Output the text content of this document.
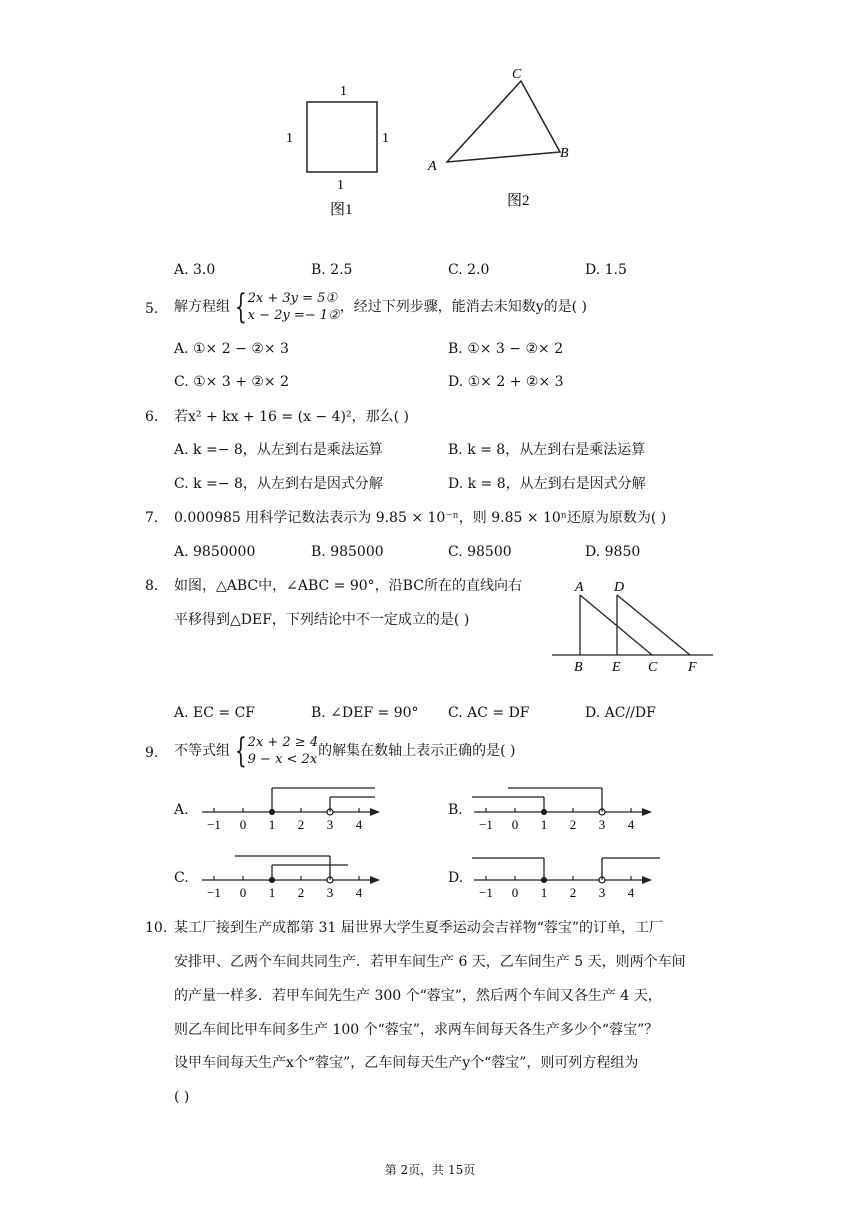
1
1	1
1
图1
A
B
C
图2
A. 3.0	B. 2.5	C. 2.0	D. 1.5
5. 解方程组 { 2x + 3y = 5①
x − 2y =− 1②
，经过下列步骤，能消去未知数y的是( )
A. ①× 2 − ②× 3	B. ①× 3 − ②× 2
C. ①× 3 + ②× 2	D. ①× 2 + ②× 3
6. 若x² + kx + 16 = (x − 4)²，那么( )
A. k =− 8，从左到右是乘法运算	B. k = 8，从左到右是乘法运算
C. k =− 8，从左到右是因式分解	D. k = 8，从左到右是因式分解
7. 0.000985 用科学记数法表示为 9.85 × 10⁻ⁿ，则 9.85 × 10ⁿ还原为原数为( )
A. 9850000	B. 985000	C. 98500	D. 9850
8. 如图，△ABC中，∠ABC = 90°，沿BC所在的直线向右
平移得到△DEF，下列结论中不一定成立的是( )
A D
B E C F
A. EC = CF	B. ∠DEF = 90° C. AC = DF	D. AC//DF
9. 不等式组 { 2x + 2 ≥ 4
9 − x < 2x
的解集在数轴上表示正确的是( )
A.	B.
C.	D.
−1 0 1 2 3 4	−1 0 1 2 3 4
−1 0 1 2 3 4	−1 0 1 2 3 4
10. 某工厂接到生产成都第 31 届世界大学生夏季运动会吉祥物“蓉宝”的订单，工厂
安排甲、乙两个车间共同生产．若甲车间生产 6 天，乙车间生产 5 天，则两个车间
的产量一样多．若甲车间先生产 300 个“蓉宝”，然后两个车间又各生产 4 天，
则乙车间比甲车间多生产 100 个“蓉宝”，求两车间每天各生产多少个“蓉宝”？
设甲车间每天生产x个“蓉宝”，乙车间每天生产y个“蓉宝”，则可列方程组为
( )
第 2页，共 15页
